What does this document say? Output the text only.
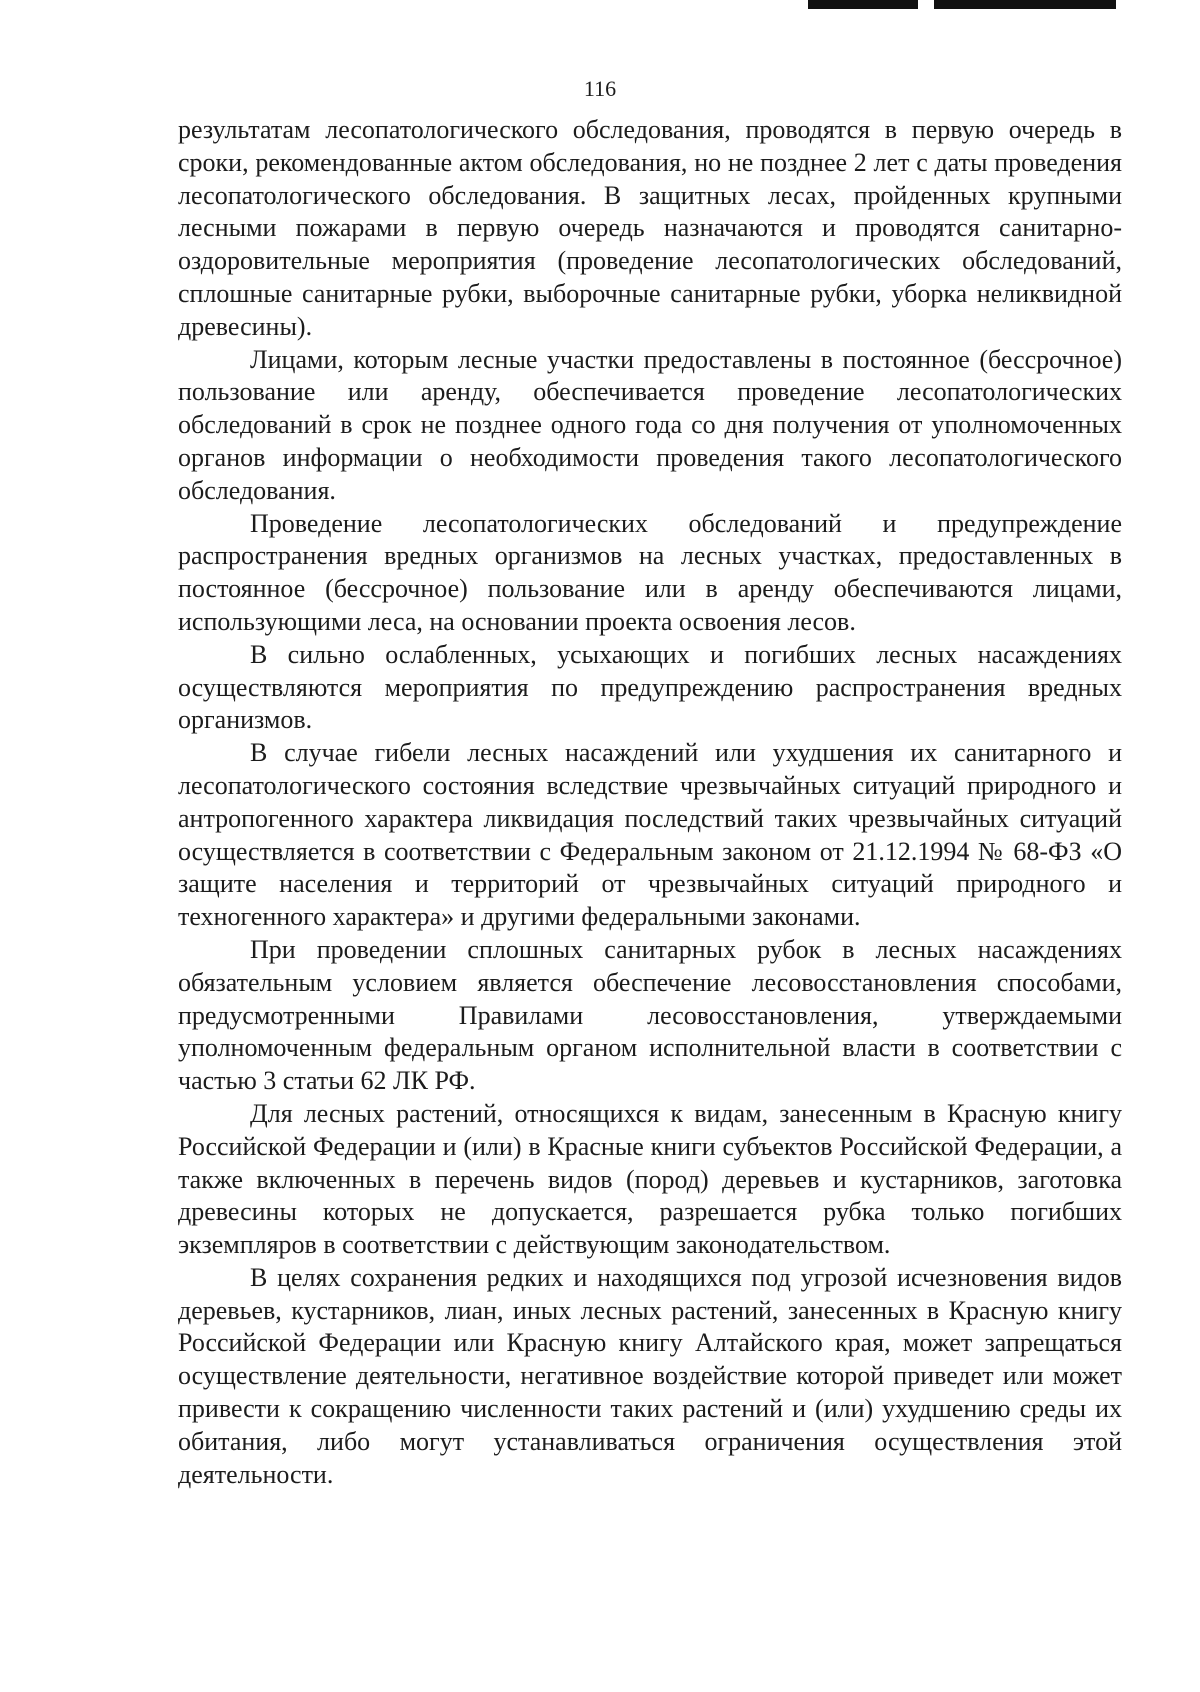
116

результатам лесопатологического обследования, проводятся в первую очередь в сроки, рекомендованные актом обследования, но не позднее 2 лет с даты проведения лесопатологического обследования. В защитных лесах, пройденных крупными лесными пожарами в первую очередь назначаются и проводятся санитарно-оздоровительные мероприятия (проведение лесопатологических обследований, сплошные санитарные рубки, выборочные санитарные рубки, уборка неликвидной древесины).

Лицами, которым лесные участки предоставлены в постоянное (бессрочное) пользование или аренду, обеспечивается проведение лесопатологических обследований в срок не позднее одного года со дня получения от уполномоченных органов информации о необходимости проведения такого лесопатологического обследования.

Проведение лесопатологических обследований и предупреждение распространения вредных организмов на лесных участках, предоставленных в постоянное (бессрочное) пользование или в аренду обеспечиваются лицами, использующими леса, на основании проекта освоения лесов.

В сильно ослабленных, усыхающих и погибших лесных насаждениях осуществляются мероприятия по предупреждению распространения вредных организмов.

В случае гибели лесных насаждений или ухудшения их санитарного и лесопатологического состояния вследствие чрезвычайных ситуаций природного и антропогенного характера ликвидация последствий таких чрезвычайных ситуаций осуществляется в соответствии с Федеральным законом от 21.12.1994 № 68-ФЗ «О защите населения и территорий от чрезвычайных ситуаций природного и техногенного характера» и другими федеральными законами.

При проведении сплошных санитарных рубок в лесных насаждениях обязательным условием является обеспечение лесовосстановления способами, предусмотренными Правилами лесовосстановления, утверждаемыми уполномоченным федеральным органом исполнительной власти в соответствии с частью 3 статьи 62 ЛК РФ.

Для лесных растений, относящихся к видам, занесенным в Красную книгу Российской Федерации и (или) в Красные книги субъектов Российской Федерации, а также включенных в перечень видов (пород) деревьев и кустарников, заготовка древесины которых не допускается, разрешается рубка только погибших экземпляров в соответствии с действующим законодательством.

В целях сохранения редких и находящихся под угрозой исчезновения видов деревьев, кустарников, лиан, иных лесных растений, занесенных в Красную книгу Российской Федерации или Красную книгу Алтайского края, может запрещаться осуществление деятельности, негативное воздействие которой приведет или может привести к сокращению численности таких растений и (или) ухудшению среды их обитания, либо могут устанавливаться ограничения осуществления этой деятельности.
